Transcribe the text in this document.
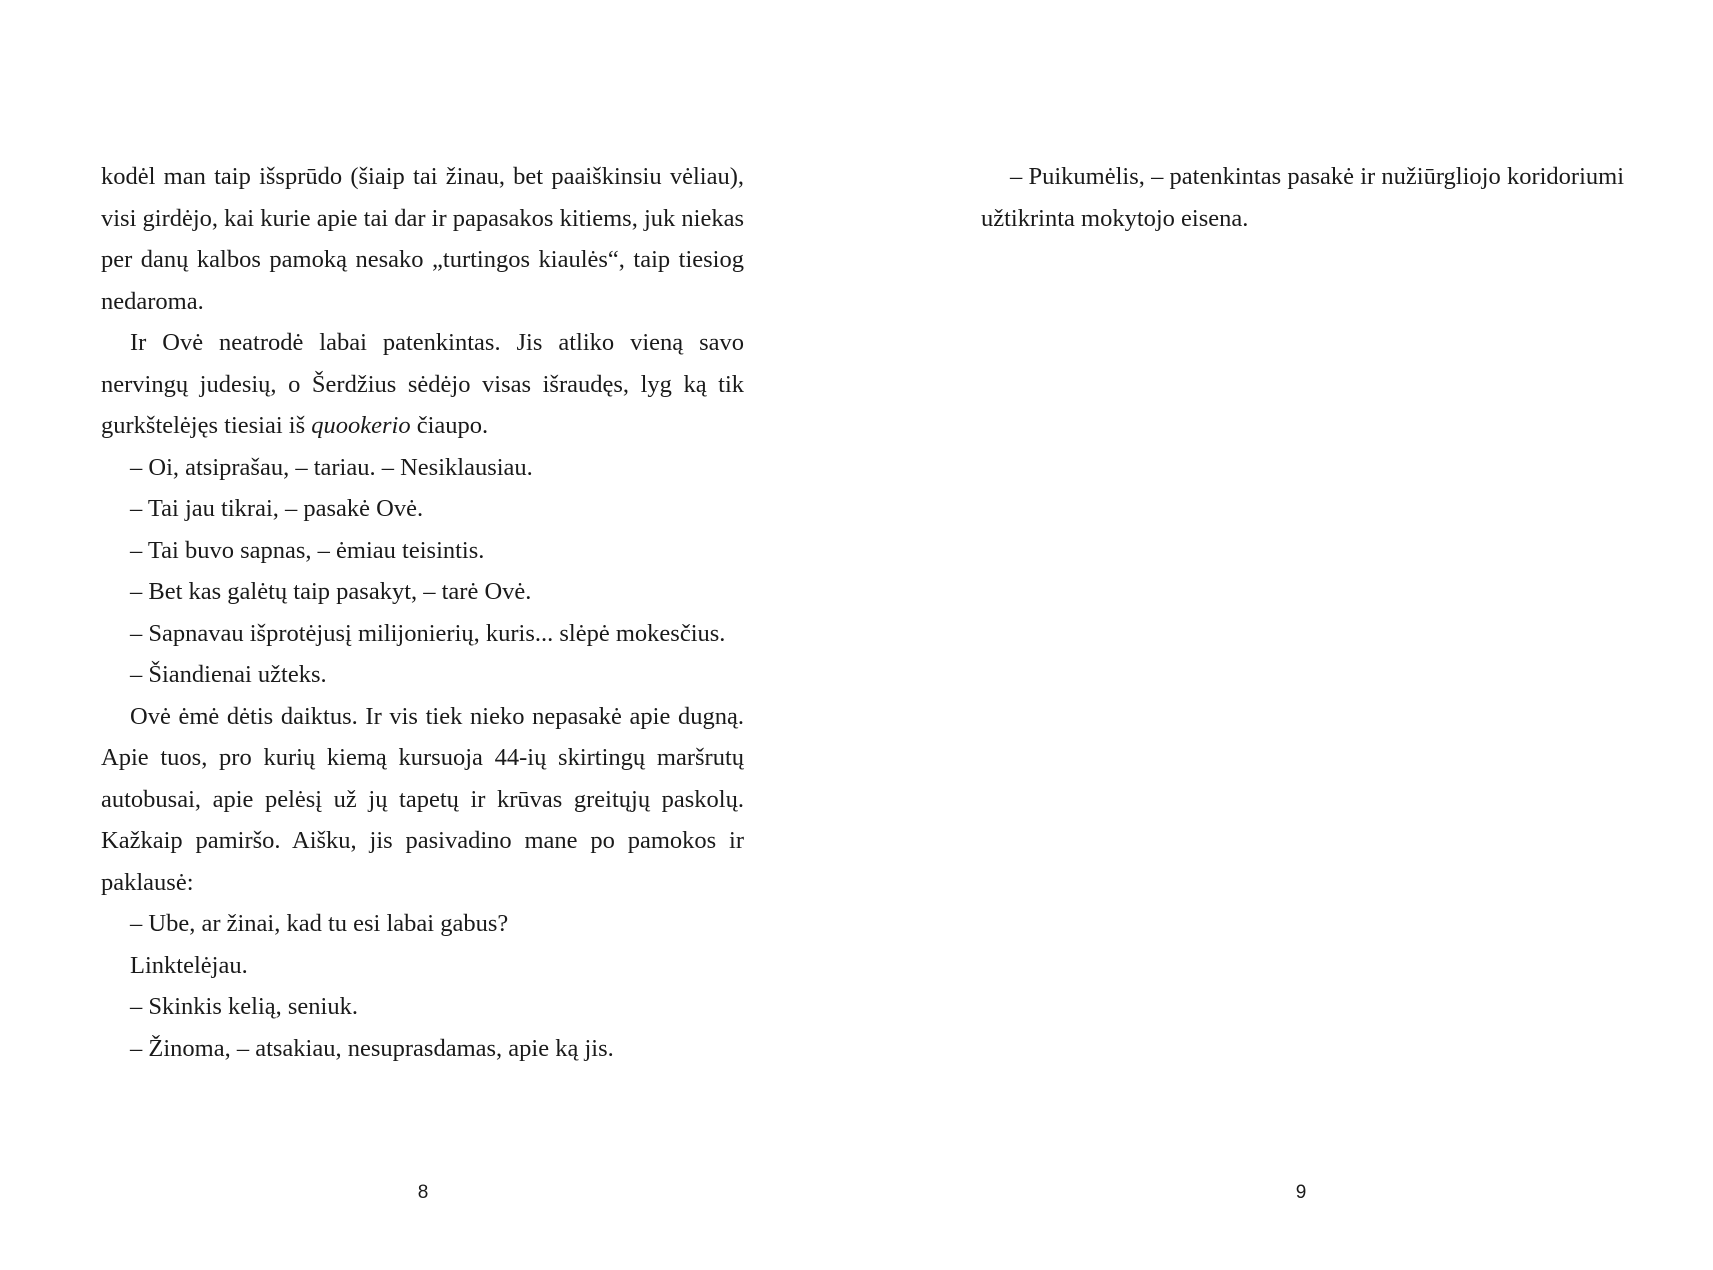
kodėl man taip išsprūdo (šiaip tai žinau, bet paaiškinsiu vėliau), visi girdėjo, kai kurie apie tai dar ir papasakos kitiems, juk niekas per danų kalbos pamoką nesako „turtingos kiaulės“, taip tiesiog nedaroma.

Ir Ovė neatrodė labai patenkintas. Jis atliko vieną savo nervingų judesių, o Šerdžius sėdėjo visas išraudęs, lyg ką tik gurkštelėjęs tiesiai iš quookerio čiaupo.

– Oi, atsiprašau, – tariau. – Nesiklausiau.

– Tai jau tikrai, – pasakė Ovė.

– Tai buvo sapnas, – ėmiau teisintis.

– Bet kas galėtų taip pasakyt, – tarė Ovė.

– Sapnavau išprotėjusį milijonierių, kuris... slėpė mokesčius.

– Šiandienai užteks.

Ovė ėmė dėtis daiktus. Ir vis tiek nieko nepasakė apie dugną. Apie tuos, pro kurių kiemą kursuoja 44-ių skirtingų maršrutų autobusai, apie pelėsį už jų tapetų ir krūvas greitųjų paskolų. Kažkaip pamiršo. Aišku, jis pasivadino mane po pamokos ir paklausė:

– Ube, ar žinai, kad tu esi labai gabus?

Linktelėjau.

– Skinkis kelią, seniuk.

– Žinoma, – atsakiau, nesuprasdamas, apie ką jis.

8

– Puikumėlis, – patenkintas pasakė ir nužiūrgliojo koridoriumi užtikrinta mokytojo eisena.

9
